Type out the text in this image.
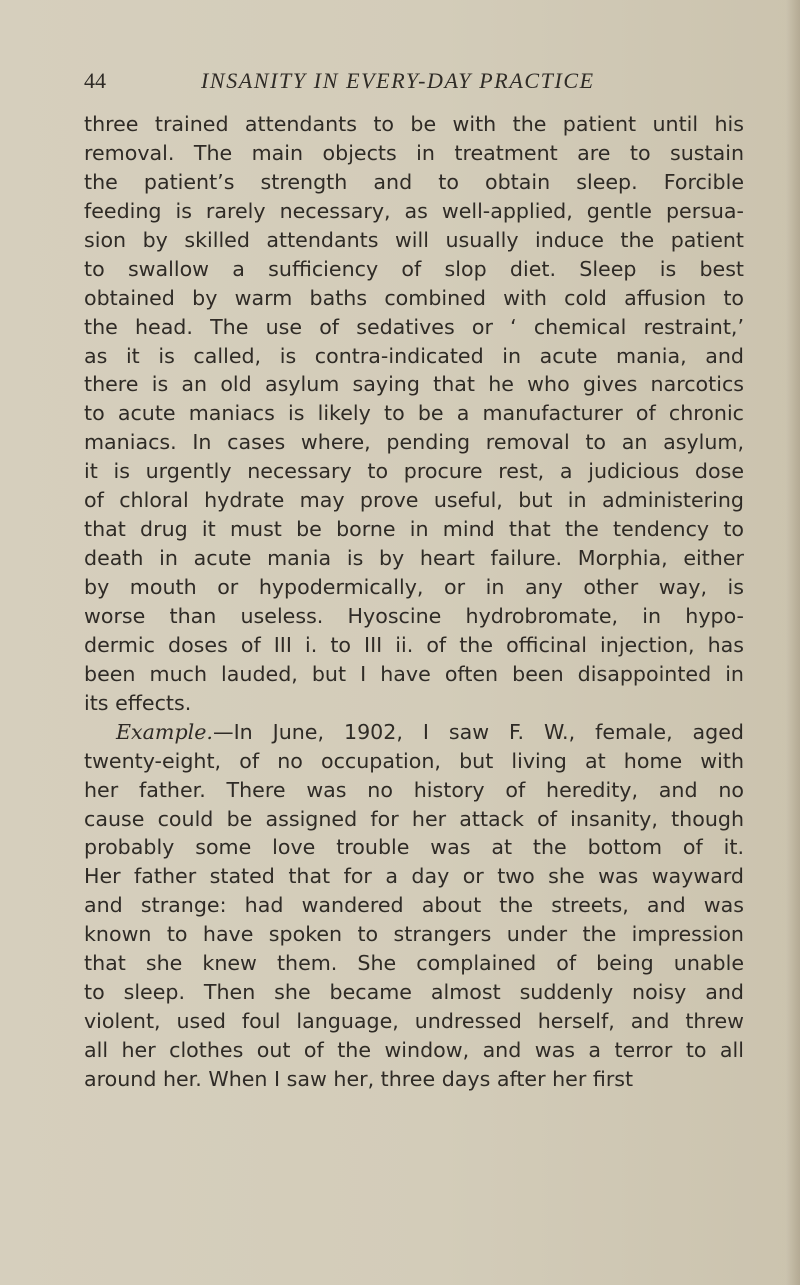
44	INSANITY IN EVERY-DAY PRACTICE
three trained attendants to be with the patient until his
removal. The main objects in treatment are to sustain
the patient’s strength and to obtain sleep. Forcible
feeding is rarely necessary, as well-applied, gentle persua-
sion by skilled attendants will usually induce the patient
to swallow a sufficiency of slop diet. Sleep is best
obtained by warm baths combined with cold affusion to
the head. The use of sedatives or ‘ chemical restraint,’
as it is called, is contra-indicated in acute mania, and
there is an old asylum saying that he who gives narcotics
to acute maniacs is likely to be a manufacturer of chronic
maniacs. In cases where, pending removal to an asylum,
it is urgently necessary to procure rest, a judicious dose
of chloral hydrate may prove useful, but in administering
that drug it must be borne in mind that the tendency to
death in acute mania is by heart failure. Morphia, either
by mouth or hypodermically, or in any other way, is
worse than useless. Hyoscine hydrobromate, in hypo-
dermic doses of ΙΙΙ i. to ΙΙΙ ii. of the officinal injection, has
been much lauded, but I have often been disappointed in
its effects.
Example.—In June, 1902, I saw F. W., female, aged
twenty-eight, of no occupation, but living at home with
her father. There was no history of heredity, and no
cause could be assigned for her attack of insanity, though
probably some love trouble was at the bottom of it.
Her father stated that for a day or two she was wayward
and strange: had wandered about the streets, and was
known to have spoken to strangers under the impression
that she knew them. She complained of being unable
to sleep. Then she became almost suddenly noisy and
violent, used foul language, undressed herself, and threw
all her clothes out of the window, and was a terror to all
around her. When I saw her, three days after her first
